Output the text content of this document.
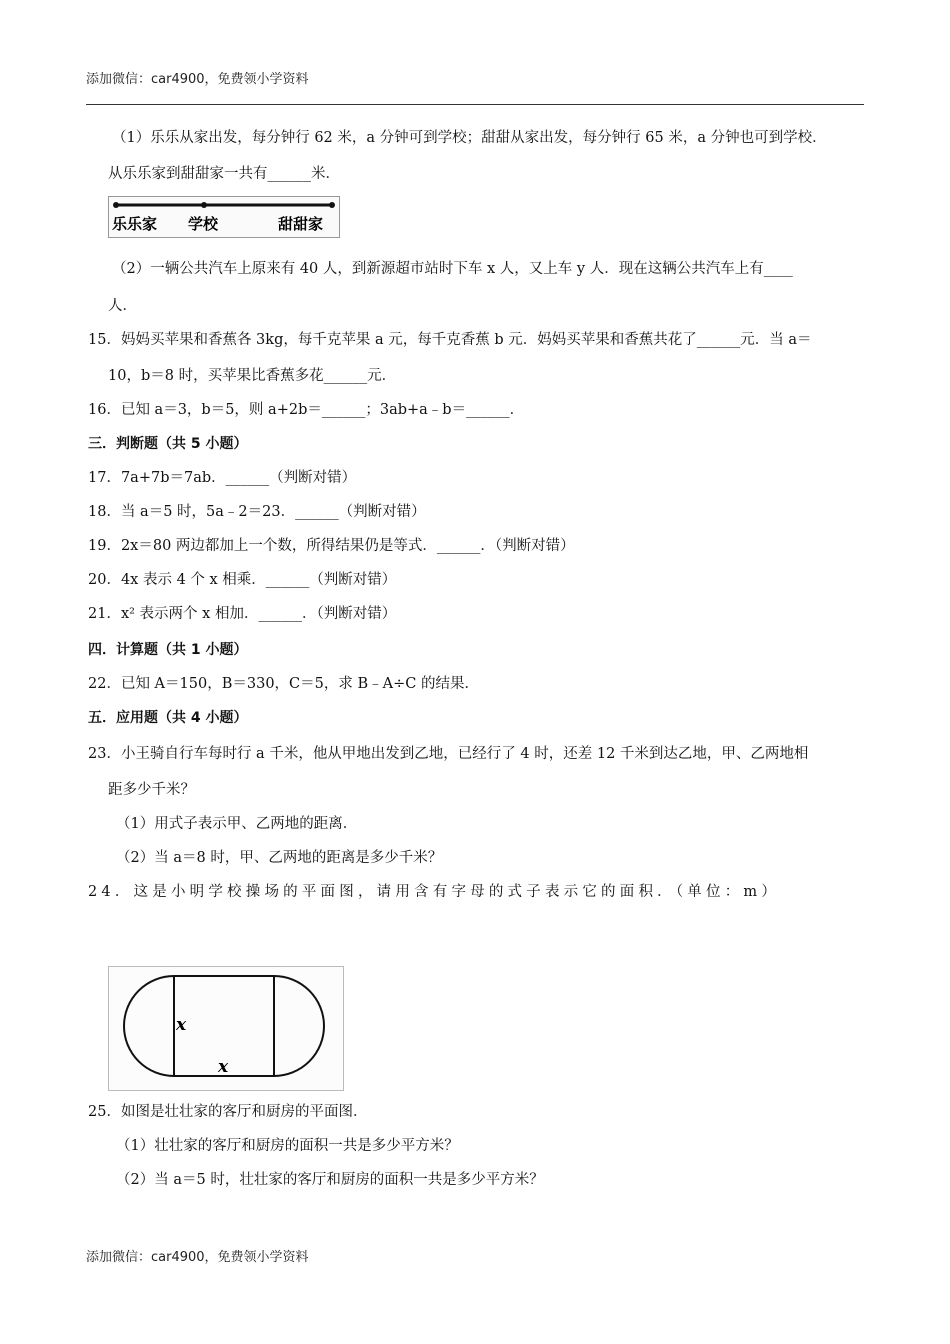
添加微信：car4900，免费领小学资料
（1）乐乐从家出发，每分钟行 62 米，a 分钟可到学校；甜甜从家出发，每分钟行 65 米，a 分钟也可到学校．
从乐乐家到甜甜家一共有______米．
乐乐家 学校	甜甜家
（2）一辆公共汽车上原来有 40 人，到新源超市站时下车 x 人，又上车 y 人．现在这辆公共汽车上有____
人．
15．妈妈买苹果和香蕉各 3kg，每千克苹果 a 元，每千克香蕉 b 元．妈妈买苹果和香蕉共花了______元．当 a＝
10，b＝8 时，买苹果比香蕉多花______元．
16．已知 a＝3，b＝5，则 a+2b＝______；3ab+a﹣b＝______．
三．判断题（共 5 小题）
17．7a+7b＝7ab．______（判断对错）
18．当 a＝5 时，5a﹣2＝23．______（判断对错）
19．2x＝80 两边都加上一个数，所得结果仍是等式．______．（判断对错）
20．4x 表示 4 个 x 相乘．______（判断对错）
21．x² 表示两个 x 相加．______．（判断对错）
四．计算题（共 1 小题）
22．已知 A＝150，B＝330，C＝5，求 B﹣A÷C 的结果．
五．应用题（共 4 小题）
23．小王骑自行车每时行 a 千米，他从甲地出发到乙地，已经行了 4 时，还差 12 千米到达乙地，甲、乙两地相
距多少千米？
（1）用式子表示甲、乙两地的距离．
（2）当 a＝8 时，甲、乙两地的距离是多少千米？
24．这是小明学校操场的平面图，请用含有字母的式子表示它的面积．（单位：m）
x
x
25．如图是壮壮家的客厅和厨房的平面图．
（1）壮壮家的客厅和厨房的面积一共是多少平方米？
（2）当 a＝5 时，壮壮家的客厅和厨房的面积一共是多少平方米？
添加微信：car4900，免费领小学资料
